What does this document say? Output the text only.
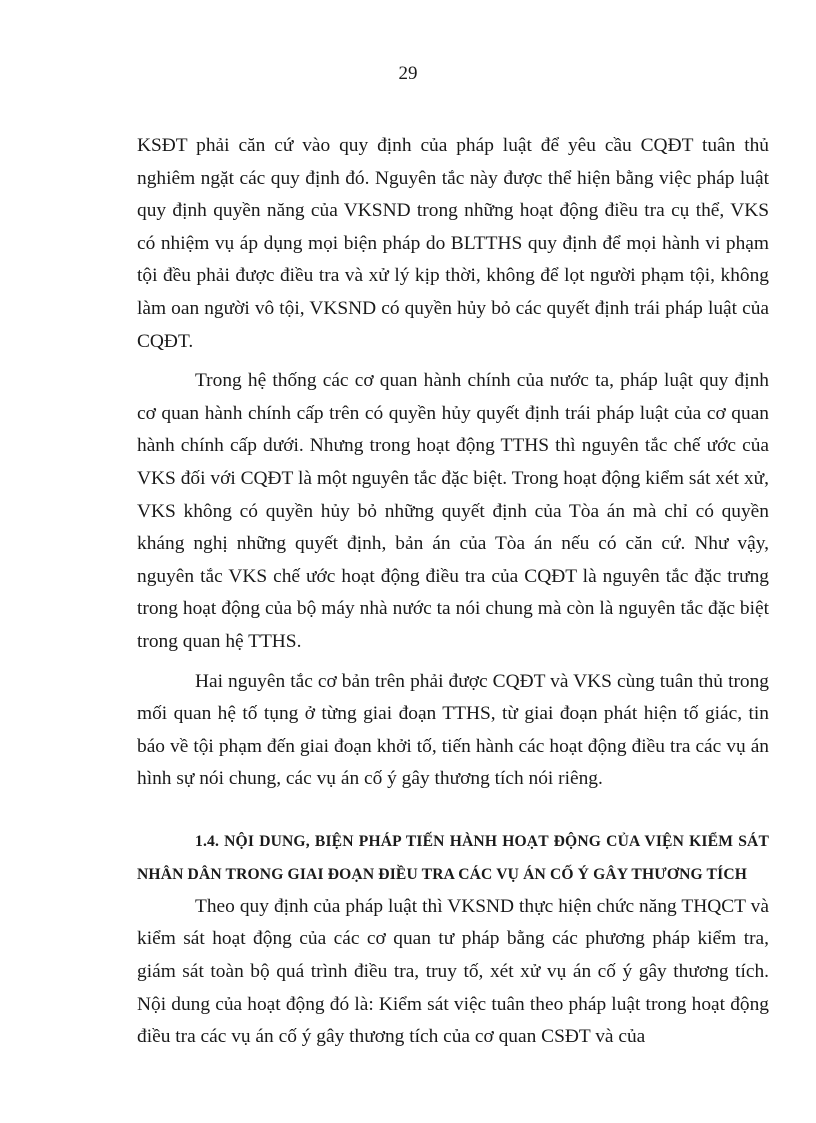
29

KSĐT phải căn cứ vào quy định của pháp luật để yêu cầu CQĐT tuân thủ nghiêm ngặt các quy định đó. Nguyên tắc này được thể hiện bằng việc pháp luật quy định quyền năng của VKSND trong những hoạt động điều tra cụ thể, VKS có nhiệm vụ áp dụng mọi biện pháp do BLTTHS quy định để mọi hành vi phạm tội đều phải được điều tra và xử lý kịp thời, không để lọt người phạm tội, không làm oan người vô tội, VKSND có quyền hủy bỏ các quyết định trái pháp luật của CQĐT.

Trong hệ thống các cơ quan hành chính của nước ta, pháp luật quy định cơ quan hành chính cấp trên có quyền hủy quyết định trái pháp luật của cơ quan hành chính cấp dưới. Nhưng trong hoạt động TTHS thì nguyên tắc chế ước của VKS đối với CQĐT là một nguyên tắc đặc biệt. Trong hoạt động kiểm sát xét xử, VKS không có quyền hủy bỏ những quyết định của Tòa án mà chỉ có quyền kháng nghị những quyết định, bản án của Tòa án nếu có căn cứ. Như vậy, nguyên tắc VKS chế ước hoạt động điều tra của CQĐT là nguyên tắc đặc trưng trong hoạt động của bộ máy nhà nước ta nói chung mà còn là nguyên tắc đặc biệt trong quan hệ TTHS.

Hai nguyên tắc cơ bản trên phải được CQĐT và VKS cùng tuân thủ trong mối quan hệ tố tụng ở từng giai đoạn TTHS, từ giai đoạn phát hiện tố giác, tin báo về tội phạm đến giai đoạn khởi tố, tiến hành các hoạt động điều tra các vụ án hình sự nói chung, các vụ án cố ý gây thương tích nói riêng.

1.4. NỘI DUNG, BIỆN PHÁP TIẾN HÀNH HOẠT ĐỘNG CỦA VIỆN KIỂM SÁT NHÂN DÂN TRONG GIAI ĐOẠN ĐIỀU TRA CÁC VỤ ÁN CỐ Ý GÂY THƯƠNG TÍCH

Theo quy định của pháp luật thì VKSND thực hiện chức năng THQCT và kiểm sát hoạt động của các cơ quan tư pháp bằng các phương pháp kiểm tra, giám sát toàn bộ quá trình điều tra, truy tố, xét xử vụ án cố ý gây thương tích. Nội dung của hoạt động đó là: Kiểm sát việc tuân theo pháp luật trong hoạt động điều tra các vụ án cố ý gây thương tích của cơ quan CSĐT và của
